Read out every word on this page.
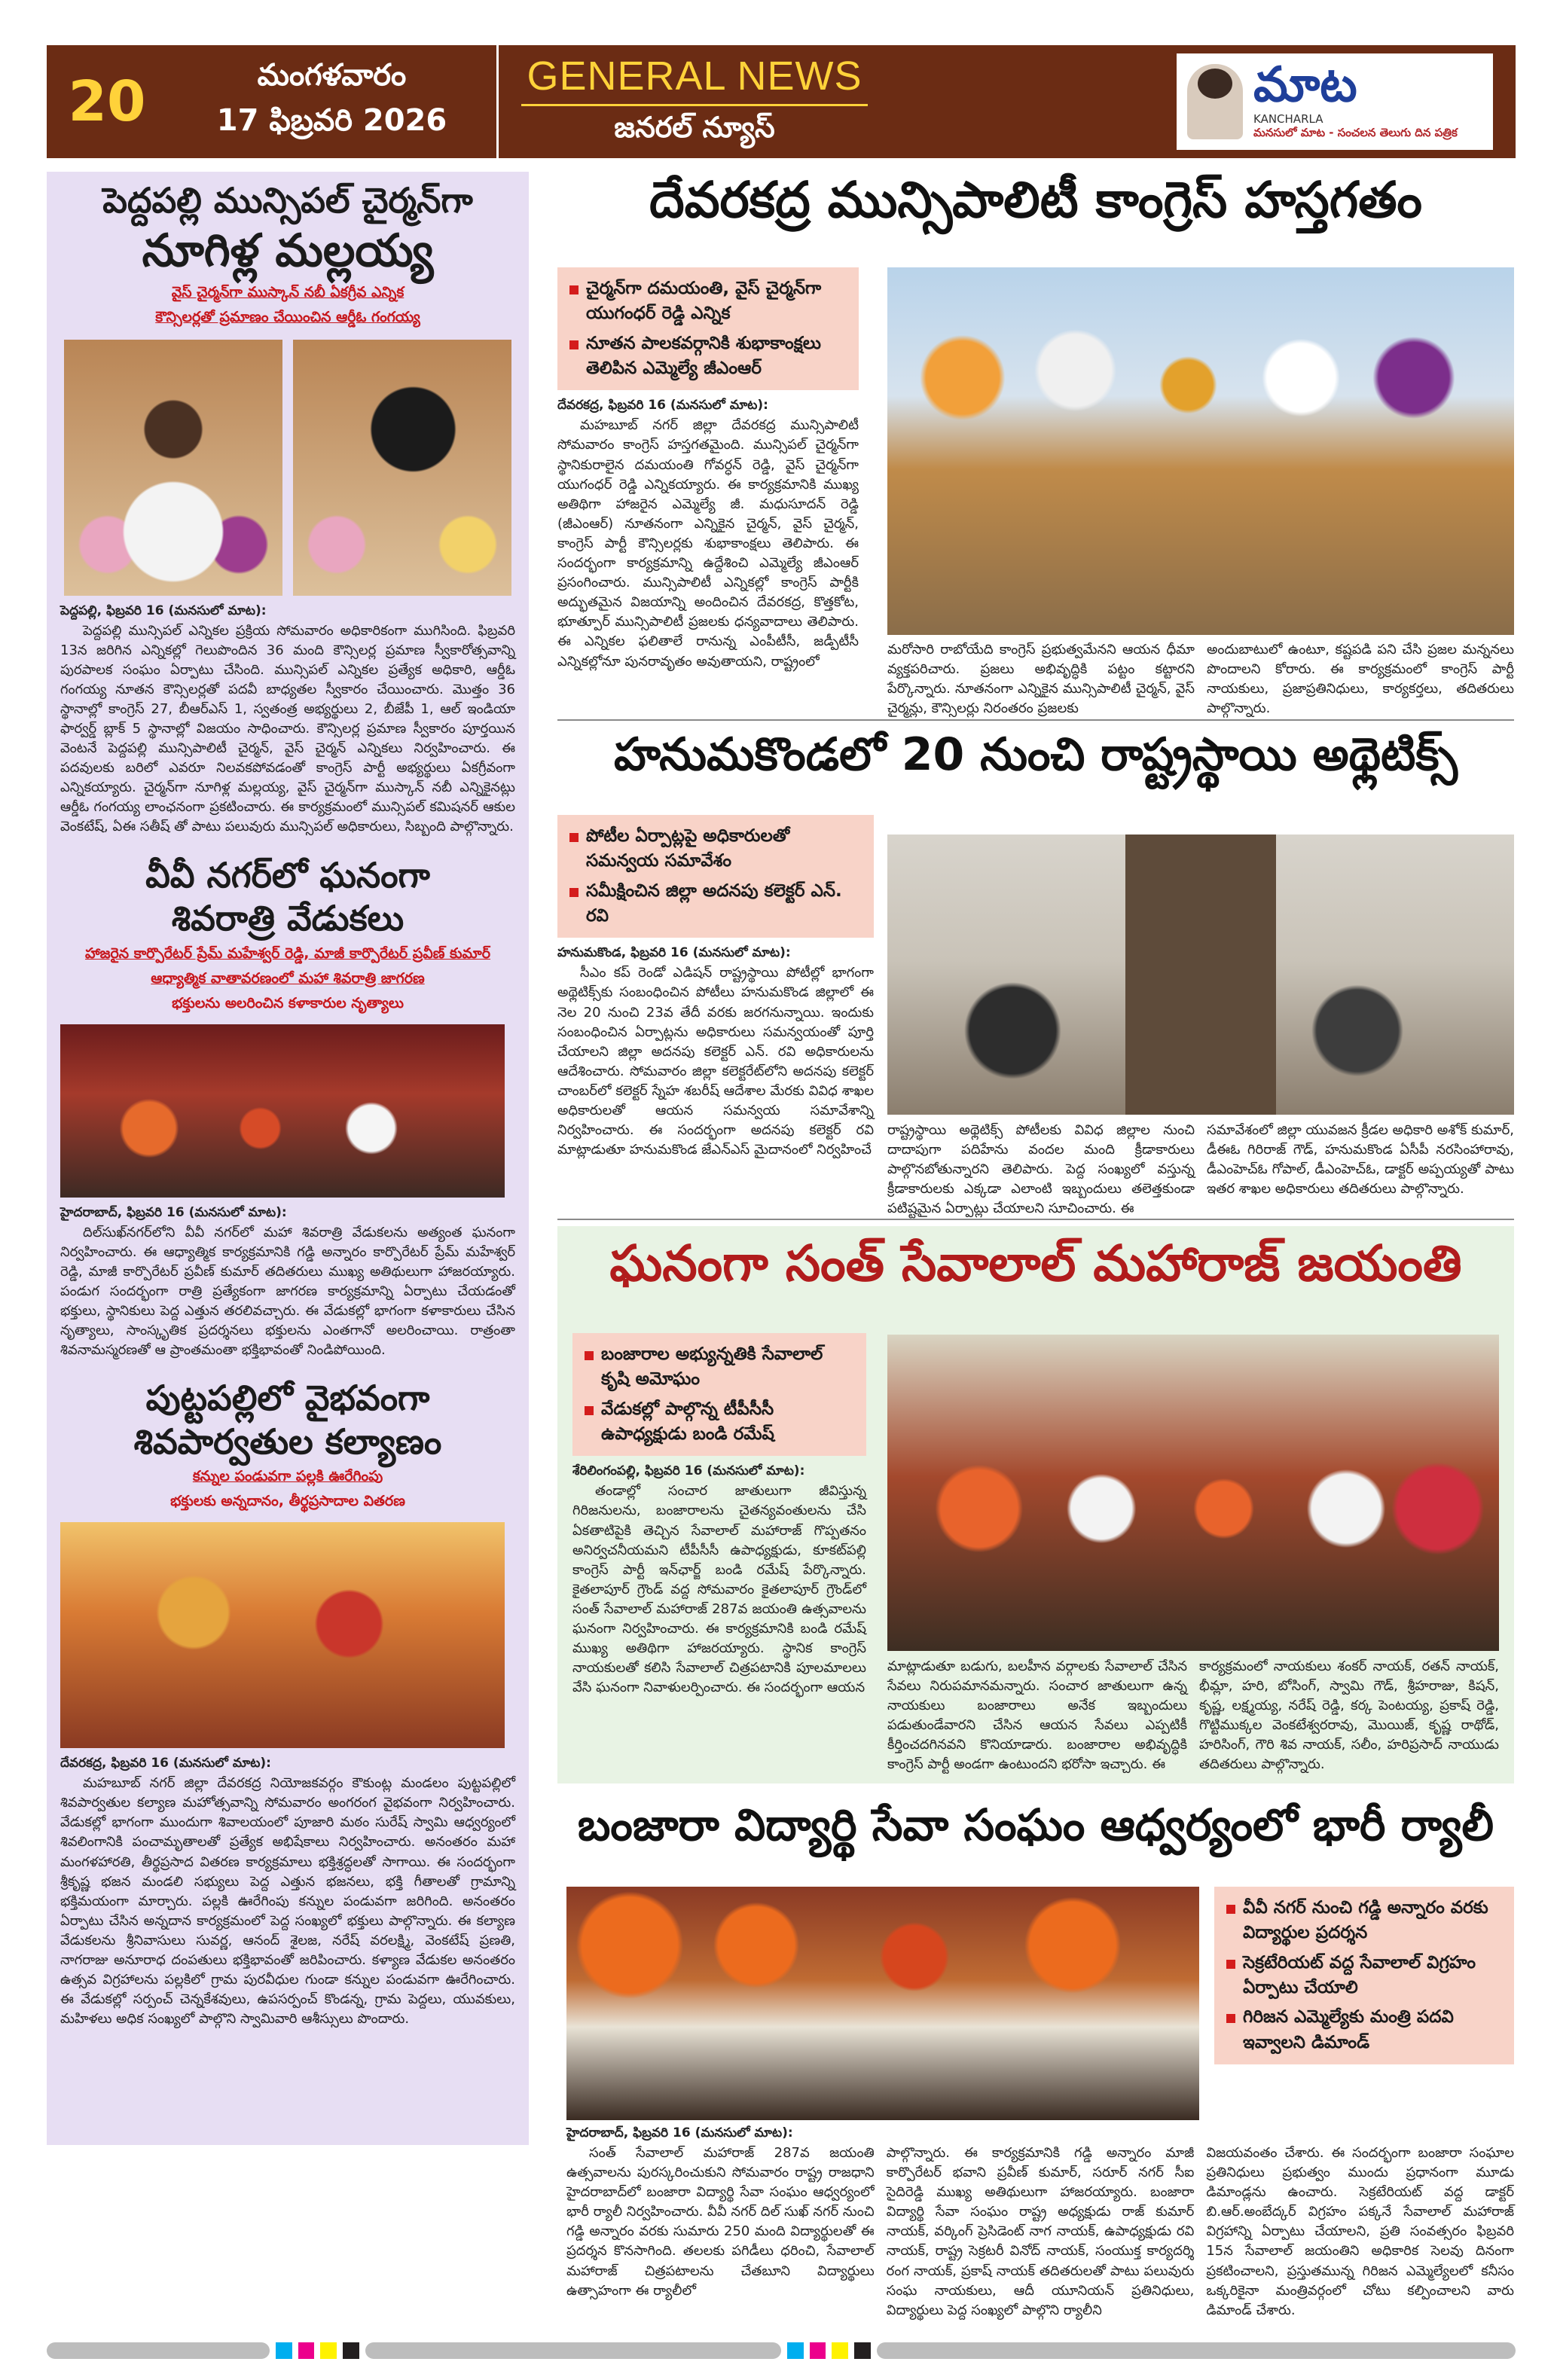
20	మంగళవారం
17 ఫిబ్రవరి 2026
GENERAL NEWS
జనరల్ న్యూస్
మాట
KANCHARLA
మనసులో మాట - సంచలన తెలుగు దిన పత్రిక
పెద్దపల్లి మున్సిపల్ చైర్మన్‌గా
నూగిళ్ల మల్లయ్య
వైస్ చైర్మన్‌గా ముస్కాన్ నబీ ఏకగ్రీవ ఎన్నిక
కౌన్సిలర్లతో ప్రమాణం చేయించిన ఆర్డీఓ గంగయ్య
పెద్దపల్లి, ఫిబ్రవరి 16 (మనసులో మాట):
పెద్దపల్లి మున్సిపల్ ఎన్నికల ప్రక్రియ సోమవారం అధికారికంగా ముగిసింది. ఫిబ్రవరి 13న జరిగిన ఎన్నికల్లో గెలుపొందిన 36 మంది కౌన్సిలర్ల ప్రమాణ స్వీకారోత్సవాన్ని పురపాలక సంఘం ఏర్పాటు చేసింది. మున్సిపల్ ఎన్నికల ప్రత్యేక అధికారి, ఆర్డీఓ గంగయ్య నూతన కౌన్సిలర్లతో పదవీ బాధ్యతల స్వీకారం చేయించారు. మొత్తం 36 స్థానాల్లో కాంగ్రెస్ 27, బీఆర్ఎస్ 1, స్వతంత్ర అభ్యర్థులు 2, బీజేపీ 1, ఆల్ ఇండియా ఫార్వర్డ్ బ్లాక్ 5 స్థానాల్లో విజయం సాధించారు. కౌన్సిలర్ల ప్రమాణ స్వీకారం పూర్తయిన వెంటనే పెద్దపల్లి మున్సిపాలిటీ చైర్మన్, వైస్ చైర్మన్ ఎన్నికలు నిర్వహించారు. ఈ పదవులకు బరిలో ఎవరూ నిలవకపోవడంతో కాంగ్రెస్ పార్టీ అభ్యర్థులు ఏకగ్రీవంగా ఎన్నికయ్యారు. చైర్మన్‌గా నూగిళ్ల మల్లయ్య, వైస్ చైర్మన్‌గా ముస్కాన్ నబీ ఎన్నికైనట్లు ఆర్డీఓ గంగయ్య లాంఛనంగా ప్రకటించారు. ఈ కార్యక్రమంలో మున్సిపల్ కమిషనర్ ఆకుల వెంకటేష్, ఏఈ సతీష్ తో పాటు పలువురు మున్సిపల్ అధికారులు, సిబ్బంది పాల్గొన్నారు.
వీవీ నగర్‌లో ఘనంగా
శివరాత్రి వేడుకలు
హాజరైన కార్పొరేటర్ ప్రేమ్ మహేశ్వర్ రెడ్డి, మాజీ కార్పొరేటర్ ప్రవీణ్ కుమార్
ఆధ్యాత్మిక వాతావరణంలో మహా శివరాత్రి జాగరణ
భక్తులను అలరించిన కళాకారుల నృత్యాలు
హైదరాబాద్, ఫిబ్రవరి 16 (మనసులో మాట):
దిల్‌సుఖ్‌నగర్‌లోని వీవీ నగర్‌లో మహా శివరాత్రి వేడుకలను అత్యంత ఘనంగా నిర్వహించారు. ఈ ఆధ్యాత్మిక కార్యక్రమానికి గడ్డి అన్నారం కార్పొరేటర్ ప్రేమ్ మహేశ్వర్ రెడ్డి, మాజీ కార్పొరేటర్ ప్రవీణ్ కుమార్ తదితరులు ముఖ్య అతిథులుగా హాజరయ్యారు. పండుగ సందర్భంగా రాత్రి ప్రత్యేకంగా జాగరణ కార్యక్రమాన్ని ఏర్పాటు చేయడంతో భక్తులు, స్థానికులు పెద్ద ఎత్తున తరలివచ్చారు. ఈ వేడుకల్లో భాగంగా కళాకారులు చేసిన నృత్యాలు, సాంస్కృతిక ప్రదర్శనలు భక్తులను ఎంతగానో అలరించాయి. రాత్రంతా శివనామస్మరణతో ఆ ప్రాంతమంతా భక్తిభావంతో నిండిపోయింది.
పుట్టపల్లిలో వైభవంగా
శివపార్వతుల కల్యాణం
కన్నుల పండువగా పల్లకి ఊరేగింపు
భక్తులకు అన్నదానం, తీర్థప్రసాదాల వితరణ
దేవరకద్ర, ఫిబ్రవరి 16 (మనసులో మాట):
మహబూబ్ నగర్ జిల్లా దేవరకద్ర నియోజకవర్గం కౌకుంట్ల మండలం పుట్టపల్లిలో శివపార్వతుల కల్యాణ మహోత్సవాన్ని సోమవారం అంగరంగ వైభవంగా నిర్వహించారు. వేడుకల్లో భాగంగా ముందుగా శివాలయంలో పూజారి మఠం సురేష్ స్వామి ఆధ్వర్యంలో శివలింగానికి పంచామృతాలతో ప్రత్యేక అభిషేకాలు నిర్వహించారు. అనంతరం మహా మంగళహారతి, తీర్థప్రసాద వితరణ కార్యక్రమాలు భక్తిశ్రద్ధలతో సాగాయి. ఈ సందర్భంగా శ్రీకృష్ణ భజన మండలి సభ్యులు పెద్ద ఎత్తున భజనలు, భక్తి గీతాలతో గ్రామాన్ని భక్తిమయంగా మార్చారు. పల్లకి ఊరేగింపు కన్నుల పండువగా జరిగింది. అనంతరం ఏర్పాటు చేసిన అన్నదాన కార్యక్రమంలో పెద్ద సంఖ్యలో భక్తులు పాల్గొన్నారు. ఈ కల్యాణ వేడుకలను శ్రీనివాసులు సువర్ణ, ఆనంద్ శైలజ, నరేష్ వరలక్ష్మి, వెంకటేష్ ప్రణతి, నాగరాజు అనూరాధ దంపతులు భక్తిభావంతో జరిపించారు. కళ్యాణ వేడుకల అనంతరం ఉత్సవ విగ్రహాలను పల్లకిలో గ్రామ పురవీధుల గుండా కన్నుల పండువగా ఊరేగించారు. ఈ వేడుకల్లో సర్పంచ్ చెన్నకేశవులు, ఉపసర్పంచ్ కొండన్న, గ్రామ పెద్దలు, యువకులు, మహిళలు అధిక సంఖ్యలో పాల్గొని స్వామివారి ఆశీస్సులు పొందారు.
దేవరకద్ర మున్సిపాలిటీ కాంగ్రెస్ హస్తగతం
చైర్మన్‌గా దమయంతి, వైస్ చైర్మన్‌గా యుగంధర్ రెడ్డి ఎన్నిక
నూతన పాలకవర్గానికి శుభాకాంక్షలు తెలిపిన ఎమ్మెల్యే జీఎంఆర్
దేవరకద్ర, ఫిబ్రవరి 16 (మనసులో మాట):
మహబూబ్ నగర్ జిల్లా దేవరకద్ర మున్సిపాలిటీ సోమవారం కాంగ్రెస్ హస్తగతమైంది. మున్సిపల్ చైర్మన్‌గా స్థానికురాలైన దమయంతి గోవర్ధన్ రెడ్డి, వైస్ చైర్మన్‌గా యుగంధర్ రెడ్డి ఎన్నికయ్యారు. ఈ కార్యక్రమానికి ముఖ్య అతిథిగా హాజరైన ఎమ్మెల్యే జీ. మధుసూదన్ రెడ్డి (జీఎంఆర్) నూతనంగా ఎన్నికైన చైర్మన్, వైస్ చైర్మన్, కాంగ్రెస్ పార్టీ కౌన్సిలర్లకు శుభాకాంక్షలు తెలిపారు. ఈ సందర్భంగా కార్యక్రమాన్ని ఉద్దేశించి ఎమ్మెల్యే జీఎంఆర్ ప్రసంగించారు. మున్సిపాలిటీ ఎన్నికల్లో కాంగ్రెస్ పార్టీకి అద్భుతమైన విజయాన్ని అందించిన దేవరకద్ర, కొత్తకోట, భూత్పూర్ మున్సిపాలిటీ ప్రజలకు ధన్యవాదాలు తెలిపారు. ఈ ఎన్నికల ఫలితాలే రానున్న ఎంపీటీసీ, జడ్పీటీసీ ఎన్నికల్లోనూ పునరావృతం అవుతాయని, రాష్ట్రంలో
మరోసారి రాబోయేది కాంగ్రెస్ ప్రభుత్వమేనని ఆయన ధీమా వ్యక్తపరిచారు. ప్రజలు అభివృద్ధికి పట్టం కట్టారని పేర్కొన్నారు. నూతనంగా ఎన్నికైన మున్సిపాలిటీ చైర్మన్, వైస్ చైర్మన్లు, కౌన్సిలర్లు నిరంతరం ప్రజలకు
అందుబాటులో ఉంటూ, కష్టపడి పని చేసి ప్రజల మన్ననలు పొందాలని కోరారు. ఈ కార్యక్రమంలో కాంగ్రెస్ పార్టీ నాయకులు, ప్రజాప్రతినిధులు, కార్యకర్తలు, తదితరులు పాల్గొన్నారు.
హనుమకొండలో 20 నుంచి రాష్ట్రస్థాయి అథ్లెటిక్స్
పోటీల ఏర్పాట్లపై అధికారులతో సమన్వయ సమావేశం
సమీక్షించిన జిల్లా అదనపు కలెక్టర్ ఎన్. రవి
హనుమకొండ, ఫిబ్రవరి 16 (మనసులో మాట):
సీఎం కప్ రెండో ఎడిషన్ రాష్ట్రస్థాయి పోటీల్లో భాగంగా అథ్లెటిక్స్‌కు సంబంధించిన పోటీలు హనుమకొండ జిల్లాలో ఈ నెల 20 నుంచి 23వ తేదీ వరకు జరగనున్నాయి. ఇందుకు సంబంధించిన ఏర్పాట్లను అధికారులు సమన్వయంతో పూర్తి చేయాలని జిల్లా అదనపు కలెక్టర్ ఎన్. రవి అధికారులను ఆదేశించారు. సోమవారం జిల్లా కలెక్టరేట్‌లోని అదనపు కలెక్టర్ చాంబర్‌లో కలెక్టర్ స్నేహ శబరీష్ ఆదేశాల మేరకు వివిధ శాఖల అధికారులతో ఆయన సమన్వయ సమావేశాన్ని నిర్వహించారు. ఈ సందర్భంగా అదనపు కలెక్టర్ రవి మాట్లాడుతూ హనుమకొండ జేఎన్ఎస్ మైదానంలో నిర్వహించే
రాష్ట్రస్థాయి అథ్లెటిక్స్ పోటీలకు వివిధ జిల్లాల నుంచి దాదాపుగా పదిహేను వందల మంది క్రీడాకారులు పాల్గొనబోతున్నారని తెలిపారు. పెద్ద సంఖ్యలో వస్తున్న క్రీడాకారులకు ఎక్కడా ఎలాంటి ఇబ్బందులు తలెత్తకుండా పటిష్టమైన ఏర్పాట్లు చేయాలని సూచించారు. ఈ
సమావేశంలో జిల్లా యువజన క్రీడల అధికారి అశోక్ కుమార్, డీఈఓ గిరిరాజ్ గౌడ్, హనుమకొండ ఏసీపీ నరసింహారావు, డీఎంహెచ్ఓ గోపాల్, డీఎంహెచ్ఓ, డాక్టర్ అప్పయ్యతో పాటు ఇతర శాఖల అధికారులు తదితరులు పాల్గొన్నారు.
ఘనంగా సంత్ సేవాలాల్ మహారాజ్ జయంతి
బంజారాల అభ్యున్నతికి సేవాలాల్ కృషి అమోఘం
వేడుకల్లో పాల్గొన్న టీపీసీసీ ఉపాధ్యక్షుడు బండి రమేష్
శేరిలింగంపల్లి, ఫిబ్రవరి 16 (మనసులో మాట):
తండాల్లో సంచార జాతులుగా జీవిస్తున్న గిరిజనులను, బంజారాలను చైతన్యవంతులను చేసి ఏకతాటిపైకి తెచ్చిన సేవాలాల్ మహారాజ్ గొప్పతనం అనిర్వచనీయమని టీపీసీసీ ఉపాధ్యక్షుడు, కూకట్‌పల్లి కాంగ్రెస్ పార్టీ ఇన్‌ఛార్జ్ బండి రమేష్ పేర్కొన్నారు. కైతలాపూర్ గ్రౌండ్ వద్ద సోమవారం కైతలాపూర్ గ్రౌండ్‌లో సంత్ సేవాలాల్ మహారాజ్ 287వ జయంతి ఉత్సవాలను ఘనంగా నిర్వహించారు. ఈ కార్యక్రమానికి బండి రమేష్ ముఖ్య అతిథిగా హాజరయ్యారు. స్థానిక కాంగ్రెస్ నాయకులతో కలిసి సేవాలాల్ చిత్రపటానికి పూలమాలలు వేసి ఘనంగా నివాళులర్పించారు. ఈ సందర్భంగా ఆయన
మాట్లాడుతూ బడుగు, బలహీన వర్గాలకు సేవాలాల్ చేసిన సేవలు నిరుపమానమన్నారు. సంచార జాతులుగా ఉన్న నాయకులు బంజారాలు అనేక ఇబ్బందులు పడుతుండేవారని చేసిన ఆయన సేవలు ఎప్పటికీ కీర్తించదగినవని కొనియాడారు. బంజారాల అభివృద్ధికి కాంగ్రెస్ పార్టీ అండగా ఉంటుందని భరోసా ఇచ్చారు. ఈ
కార్యక్రమంలో నాయకులు శంకర్ నాయక్, రతన్ నాయక్, భీమ్లా, హరి, బోసింగ్, స్వామి గౌడ్, శ్రీహరాజు, కిషన్, కృష్ణ, లక్ష్మయ్య, నరేష్ రెడ్డి, కర్క పెంటయ్య, ప్రకాష్ రెడ్డి, గొట్టిముక్కల వెంకటేశ్వరరావు, మొయిజ్, కృష్ణ రాథోడ్, హరిసింగ్, గౌరి శివ నాయక్, సలీం, హరిప్రసాద్ నాయుడు తదితరులు పాల్గొన్నారు.
బంజారా విద్యార్థి సేవా సంఘం ఆధ్వర్యంలో భారీ ర్యాలీ
వీవీ నగర్ నుంచి గడ్డి అన్నారం వరకు విద్యార్థుల ప్రదర్శన
సెక్రటేరియట్ వద్ద సేవాలాల్ విగ్రహం ఏర్పాటు చేయాలి
గిరిజన ఎమ్మెల్యేకు మంత్రి పదవి ఇవ్వాలని డిమాండ్
హైదరాబాద్, ఫిబ్రవరి 16 (మనసులో మాట):
సంత్ సేవాలాల్ మహారాజ్ 287వ జయంతి ఉత్సవాలను పురస్కరించుకుని సోమవారం రాష్ట్ర రాజధాని హైదరాబాద్‌లో బంజారా విద్యార్థి సేవా సంఘం ఆధ్వర్యంలో భారీ ర్యాలీ నిర్వహించారు. వీవీ నగర్ దిల్ సుఖ్ నగర్ నుంచి గడ్డి అన్నారం వరకు సుమారు 250 మంది విద్యార్థులతో ఈ ప్రదర్శన కొనసాగింది. తలలకు పగిడీలు ధరించి, సేవాలాల్ మహారాజ్ చిత్రపటాలను చేతబూని విద్యార్థులు ఉత్సాహంగా ఈ ర్యాలీలో
పాల్గొన్నారు. ఈ కార్యక్రమానికి గడ్డి అన్నారం మాజీ కార్పొరేటర్ భవాని ప్రవీణ్ కుమార్, సరూర్ నగర్ సీఐ సైదిరెడ్డి ముఖ్య అతిథులుగా హాజరయ్యారు. బంజారా విద్యార్థి సేవా సంఘం రాష్ట్ర అధ్యక్షుడు రాజ్ కుమార్ నాయక్, వర్కింగ్ ప్రెసిడెంట్ నాగ నాయక్, ఉపాధ్యక్షుడు రవి నాయక్, రాష్ట్ర సెక్రటరీ వినోద్ నాయక్, సంయుక్త కార్యదర్శి రంగ నాయక్, ప్రకాష్ నాయక్ తదితరులతో పాటు పలువురు సంఘ నాయకులు, ఆదీ యూనియన్ ప్రతినిధులు, విద్యార్థులు పెద్ద సంఖ్యలో పాల్గొని ర్యాలీని
విజయవంతం చేశారు. ఈ సందర్భంగా బంజారా సంఘాల ప్రతినిధులు ప్రభుత్వం ముందు ప్రధానంగా మూడు డిమాండ్లను ఉంచారు. సెక్రటేరియట్ వద్ద డాక్టర్ బి.ఆర్.అంబేద్కర్ విగ్రహం పక్కనే సేవాలాల్ మహారాజ్ విగ్రహాన్ని ఏర్పాటు చేయాలని, ప్రతి సంవత్సరం ఫిబ్రవరి 15న సేవాలాల్ జయంతిని అధికారిక సెలవు దినంగా ప్రకటించాలని, ప్రస్తుతమున్న గిరిజన ఎమ్మెల్యేలలో కనీసం ఒక్కరికైనా మంత్రివర్గంలో చోటు కల్పించాలని వారు డిమాండ్ చేశారు.
